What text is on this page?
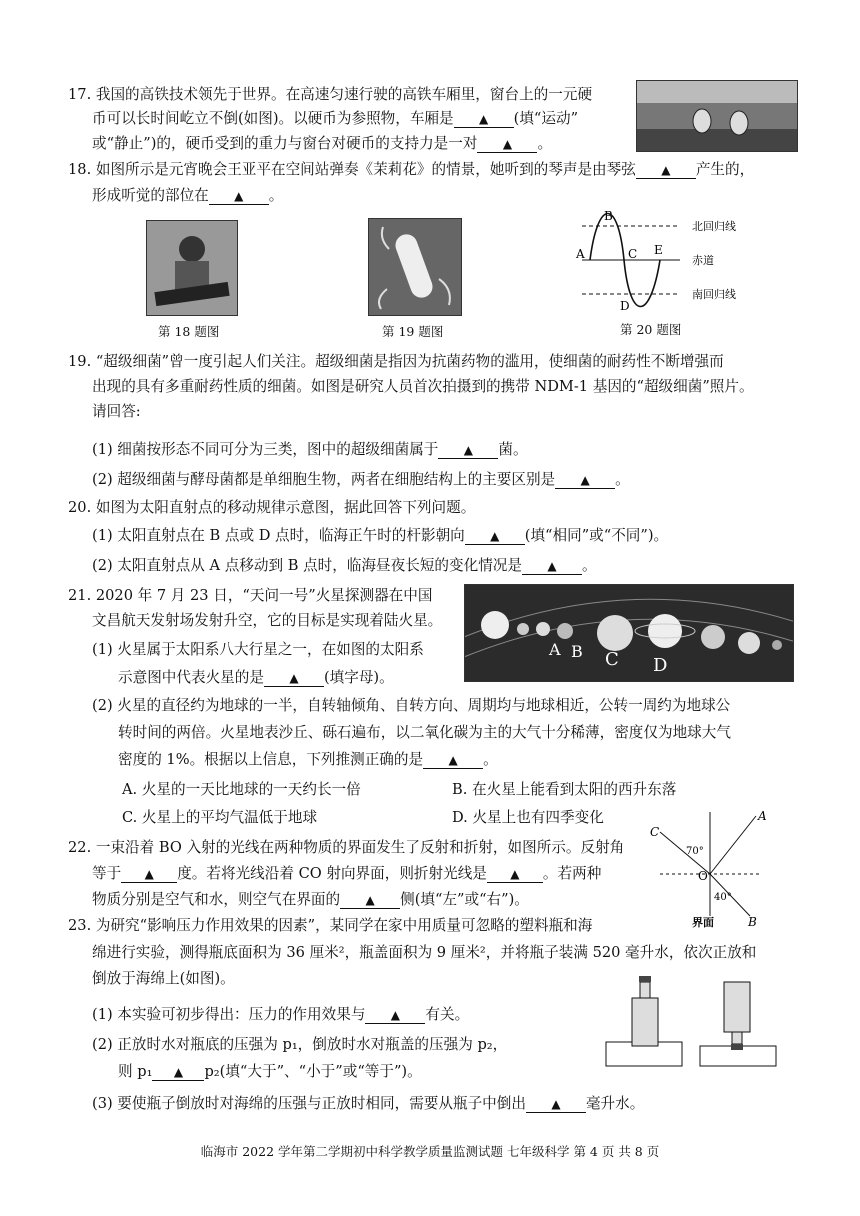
17. 我国的高铁技术领先于世界。在高速匀速行驶的高铁车厢里，窗台上的一元硬
币可以长时间屹立不倒(如图)。以硬币为参照物，车厢是 ▲ (填“运动”
或“静止”)的，硬币受到的重力与窗台对硬币的支持力是一对 ▲ 。
18. 如图所示是元宵晚会王亚平在空间站弹奏《茉莉花》的情景，她听到的琴声是由琴弦 ▲ 产生的，
形成听觉的部位在 ▲ 。
第 18 题图	第 19 题图
A
B
C E
D
北回归线
赤道
南回归线
第 20 题图
19. “超级细菌”曾一度引起人们关注。超级细菌是指因为抗菌药物的滥用，使细菌的耐药性不断增强而
出现的具有多重耐药性质的细菌。如图是研究人员首次拍摄到的携带 NDM-1 基因的“超级细菌”照片。
请回答:
(1) 细菌按形态不同可分为三类，图中的超级细菌属于 ▲ 菌。
(2) 超级细菌与酵母菌都是单细胞生物，两者在细胞结构上的主要区别是 ▲ 。
20. 如图为太阳直射点的移动规律示意图，据此回答下列问题。
(1) 太阳直射点在 B 点或 D 点时，临海正午时的杆影朝向 ▲ (填“相同”或“不同”)。
(2) 太阳直射点从 A 点移动到 B 点时，临海昼夜长短的变化情况是 ▲ 。
21. 2020 年 7 月 23 日，“天问一号”火星探测器在中国
文昌航天发射场发射升空，它的目标是实现着陆火星。
(1) 火星属于太阳系八大行星之一，在如图的太阳系
示意图中代表火星的是 ▲ (填字母)。
A B C D
(2) 火星的直径约为地球的一半，自转轴倾角、自转方向、周期均与地球相近，公转一周约为地球公
转时间的两倍。火星地表沙丘、砾石遍布，以二氧化碳为主的大气十分稀薄，密度仅为地球大气
密度的 1%。根据以上信息，下列推测正确的是 ▲ 。
A. 火星的一天比地球的一天约长一倍	B. 在火星上能看到太阳的西升东落
C. 火星上的平均气温低于地球	D. 火星上也有四季变化
22. 一束沿着 BO 入射的光线在两种物质的界面发生了反射和折射，如图所示。反射角
等于 ▲ 度。若将光线沿着 CO 射向界面，则折射光线是 ▲ 。若两种
物质分别是空气和水，则空气在界面的 ▲ 侧(填“左”或“右”)。
A
C
B
O
70°
40°
界面
23. 为研究“影响压力作用效果的因素”，某同学在家中用质量可忽略的塑料瓶和海
绵进行实验，测得瓶底面积为 36 厘米²，瓶盖面积为 9 厘米²，并将瓶子装满 520 毫升水，依次正放和
倒放于海绵上(如图)。
(1) 本实验可初步得出：压力的作用效果与 ▲ 有关。
(2) 正放时水对瓶底的压强为 p₁，倒放时水对瓶盖的压强为 p₂，
则 p₁ ▲ p₂(填“大于”、“小于”或“等于”)。
(3) 要使瓶子倒放时对海绵的压强与正放时相同，需要从瓶子中倒出 ▲ 毫升水。
临海市 2022 学年第二学期初中科学教学质量监测试题 七年级科学 第 4 页 共 8 页
